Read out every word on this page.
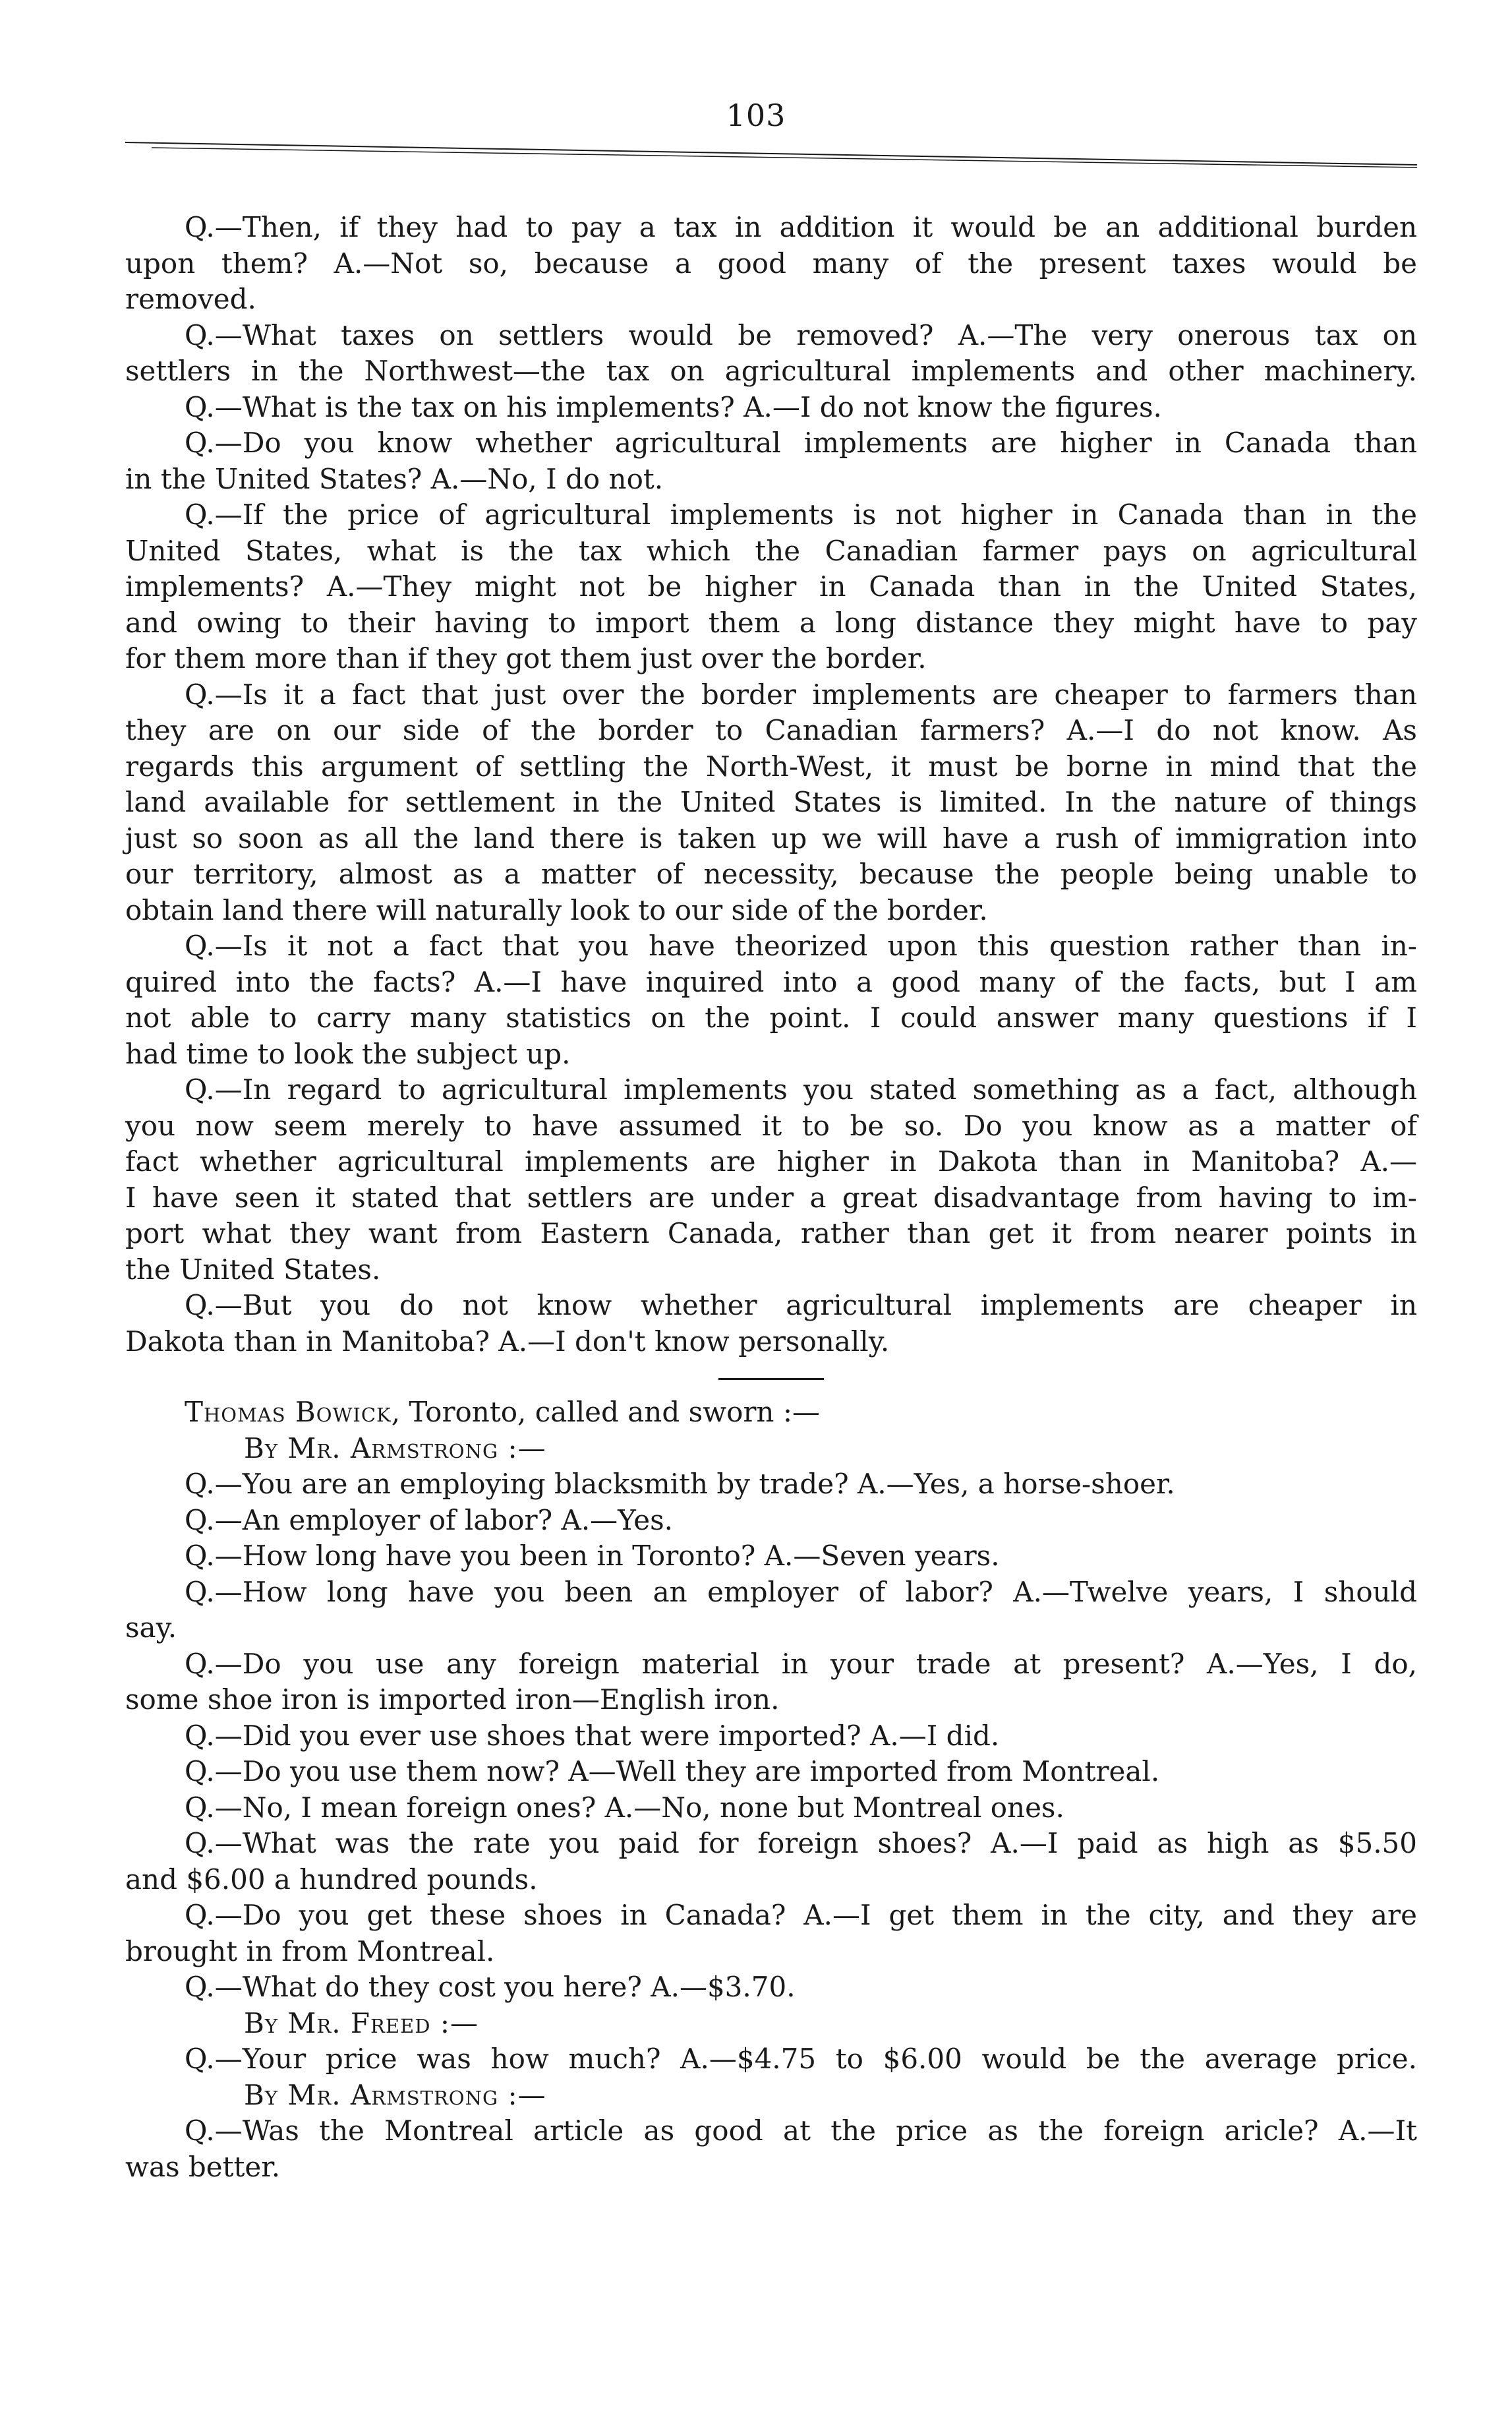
103
Q.—Then, if they had to pay a tax in addition it would be an additional burden
upon them? A.—Not so, because a good many of the present taxes would be
removed.
Q.—What taxes on settlers would be removed? A.—The very onerous tax on
settlers in the Northwest—the tax on agricultural implements and other machinery.
Q.—What is the tax on his implements? A.—I do not know the figures.
Q.—Do you know whether agricultural implements are higher in Canada than
in the United States? A.—No, I do not.
Q.—If the price of agricultural implements is not higher in Canada than in the
United States, what is the tax which the Canadian farmer pays on agricultural
implements? A.—They might not be higher in Canada than in the United States,
and owing to their having to import them a long distance they might have to pay
for them more than if they got them just over the border.
Q.—Is it a fact that just over the border implements are cheaper to farmers than
they are on our side of the border to Canadian farmers? A.—I do not know. As
regards this argument of settling the North-West, it must be borne in mind that the
land available for settlement in the United States is limited. In the nature of things
just so soon as all the land there is taken up we will have a rush of immigration into
our territory, almost as a matter of necessity, because the people being unable to
obtain land there will naturally look to our side of the border.
Q.—Is it not a fact that you have theorized upon this question rather than in-
quired into the facts? A.—I have inquired into a good many of the facts, but I am
not able to carry many statistics on the point. I could answer many questions if I
had time to look the subject up.
Q.—In regard to agricultural implements you stated something as a fact, although
you now seem merely to have assumed it to be so. Do you know as a matter of
fact whether agricultural implements are higher in Dakota than in Manitoba? A.—
I have seen it stated that settlers are under a great disadvantage from having to im-
port what they want from Eastern Canada, rather than get it from nearer points in
the United States.
Q.—But you do not know whether agricultural implements are cheaper in
Dakota than in Manitoba? A.—I don't know personally.
Thomas Bowick, Toronto, called and sworn :—
By Mr. Armstrong :—
Q.—You are an employing blacksmith by trade? A.—Yes, a horse-shoer.
Q.—An employer of labor? A.—Yes.
Q.—How long have you been in Toronto? A.—Seven years.
Q.—How long have you been an employer of labor? A.—Twelve years, I should
say.
Q.—Do you use any foreign material in your trade at present? A.—Yes, I do,
some shoe iron is imported iron—English iron.
Q.—Did you ever use shoes that were imported? A.—I did.
Q.—Do you use them now? A—Well they are imported from Montreal.
Q.—No, I mean foreign ones? A.—No, none but Montreal ones.
Q.—What was the rate you paid for foreign shoes? A.—I paid as high as $5.50
and $6.00 a hundred pounds.
Q.—Do you get these shoes in Canada? A.—I get them in the city, and they are
brought in from Montreal.
Q.—What do they cost you here? A.—$3.70.
By Mr. Freed :—
Q.—Your price was how much? A.—$4.75 to $6.00 would be the average price.
By Mr. Armstrong :—
Q.—Was the Montreal article as good at the price as the foreign aricle? A.—It
was better.
